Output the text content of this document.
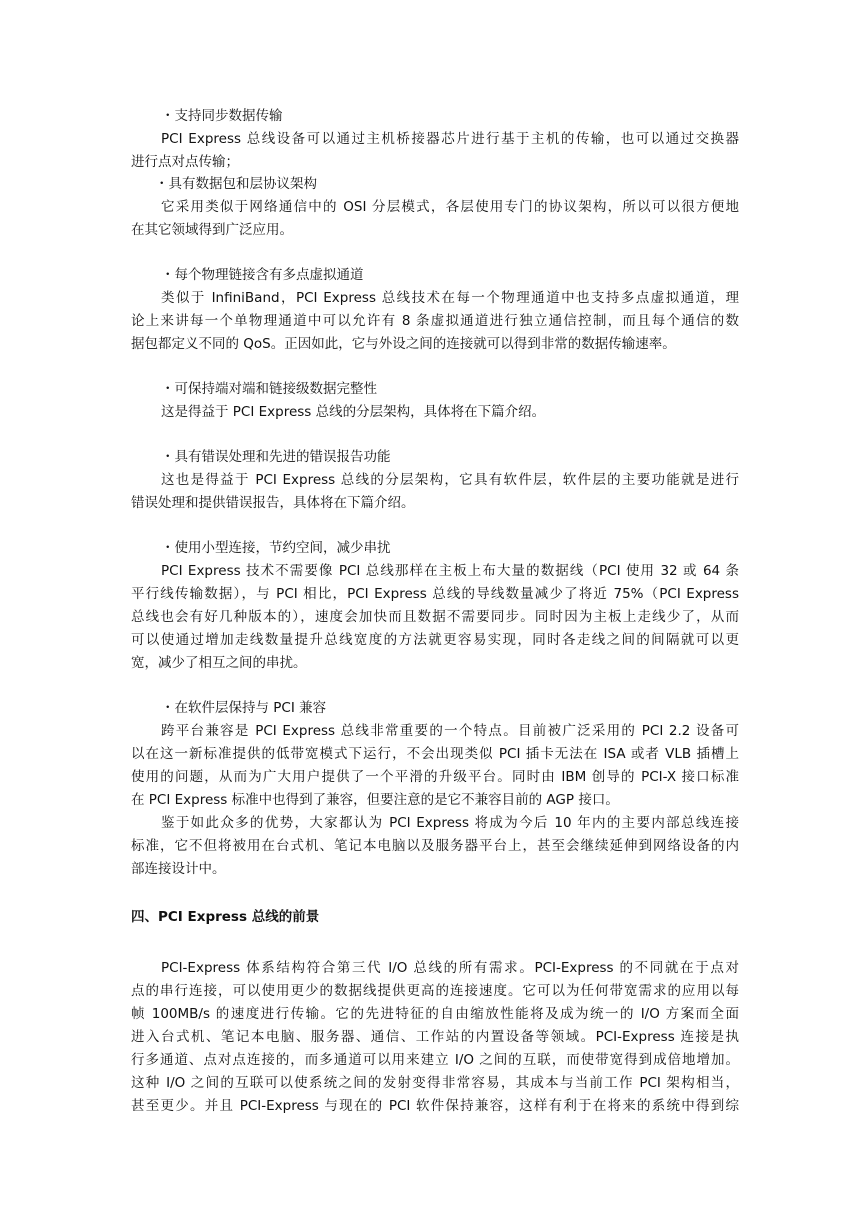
・支持同步数据传输
PCI Express 总线设备可以通过主机桥接器芯片进行基于主机的传输，也可以通过交换器
进行点对点传输；
・具有数据包和层协议架构
它采用类似于网络通信中的 OSI 分层模式，各层使用专门的协议架构，所以可以很方便地
在其它领域得到广泛应用。
・每个物理链接含有多点虚拟通道
类似于 InfiniBand，PCI Express 总线技术在每一个物理通道中也支持多点虚拟通道，理
论上来讲每一个单物理通道中可以允许有 8 条虚拟通道进行独立通信控制，而且每个通信的数
据包都定义不同的 QoS。正因如此，它与外设之间的连接就可以得到非常的数据传输速率。
・可保持端对端和链接级数据完整性
这是得益于 PCI Express 总线的分层架构，具体将在下篇介绍。
・具有错误处理和先进的错误报告功能
这也是得益于 PCI Express 总线的分层架构，它具有软件层，软件层的主要功能就是进行
错误处理和提供错误报告，具体将在下篇介绍。
・使用小型连接，节约空间，减少串扰
PCI Express 技术不需要像 PCI 总线那样在主板上布大量的数据线（PCI 使用 32 或 64 条
平行线传输数据），与 PCI 相比，PCI Express 总线的导线数量减少了将近 75%（PCI Express
总线也会有好几种版本的），速度会加快而且数据不需要同步。同时因为主板上走线少了，从而
可以使通过增加走线数量提升总线宽度的方法就更容易实现，同时各走线之间的间隔就可以更
宽，减少了相互之间的串扰。
・在软件层保持与 PCI 兼容
跨平台兼容是 PCI Express 总线非常重要的一个特点。目前被广泛采用的 PCI 2.2 设备可
以在这一新标准提供的低带宽模式下运行，不会出现类似 PCI 插卡无法在 ISA 或者 VLB 插槽上
使用的问题，从而为广大用户提供了一个平滑的升级平台。同时由 IBM 创导的 PCI-X 接口标准
在 PCI Express 标准中也得到了兼容，但要注意的是它不兼容目前的 AGP 接口。
鉴于如此众多的优势，大家都认为 PCI Express 将成为今后 10 年内的主要内部总线连接
标准，它不但将被用在台式机、笔记本电脑以及服务器平台上，甚至会继续延伸到网络设备的内
部连接设计中。
四、PCI Express 总线的前景
PCI-Express 体系结构符合第三代 I/O 总线的所有需求。PCI-Express 的不同就在于点对
点的串行连接，可以使用更少的数据线提供更高的连接速度。它可以为任何带宽需求的应用以每
帧 100MB/s 的速度进行传输。它的先进特征的自由缩放性能将及成为统一的 I/O 方案而全面
进入台式机、笔记本电脑、服务器、通信、工作站的内置设备等领域。PCI-Express 连接是执
行多通道、点对点连接的，而多通道可以用来建立 I/O 之间的互联，而使带宽得到成倍地增加。
这种 I/O 之间的互联可以使系统之间的发射变得非常容易，其成本与当前工作 PCI 架构相当，
甚至更少。并且 PCI-Express 与现在的 PCI 软件保持兼容，这样有利于在将来的系统中得到综
